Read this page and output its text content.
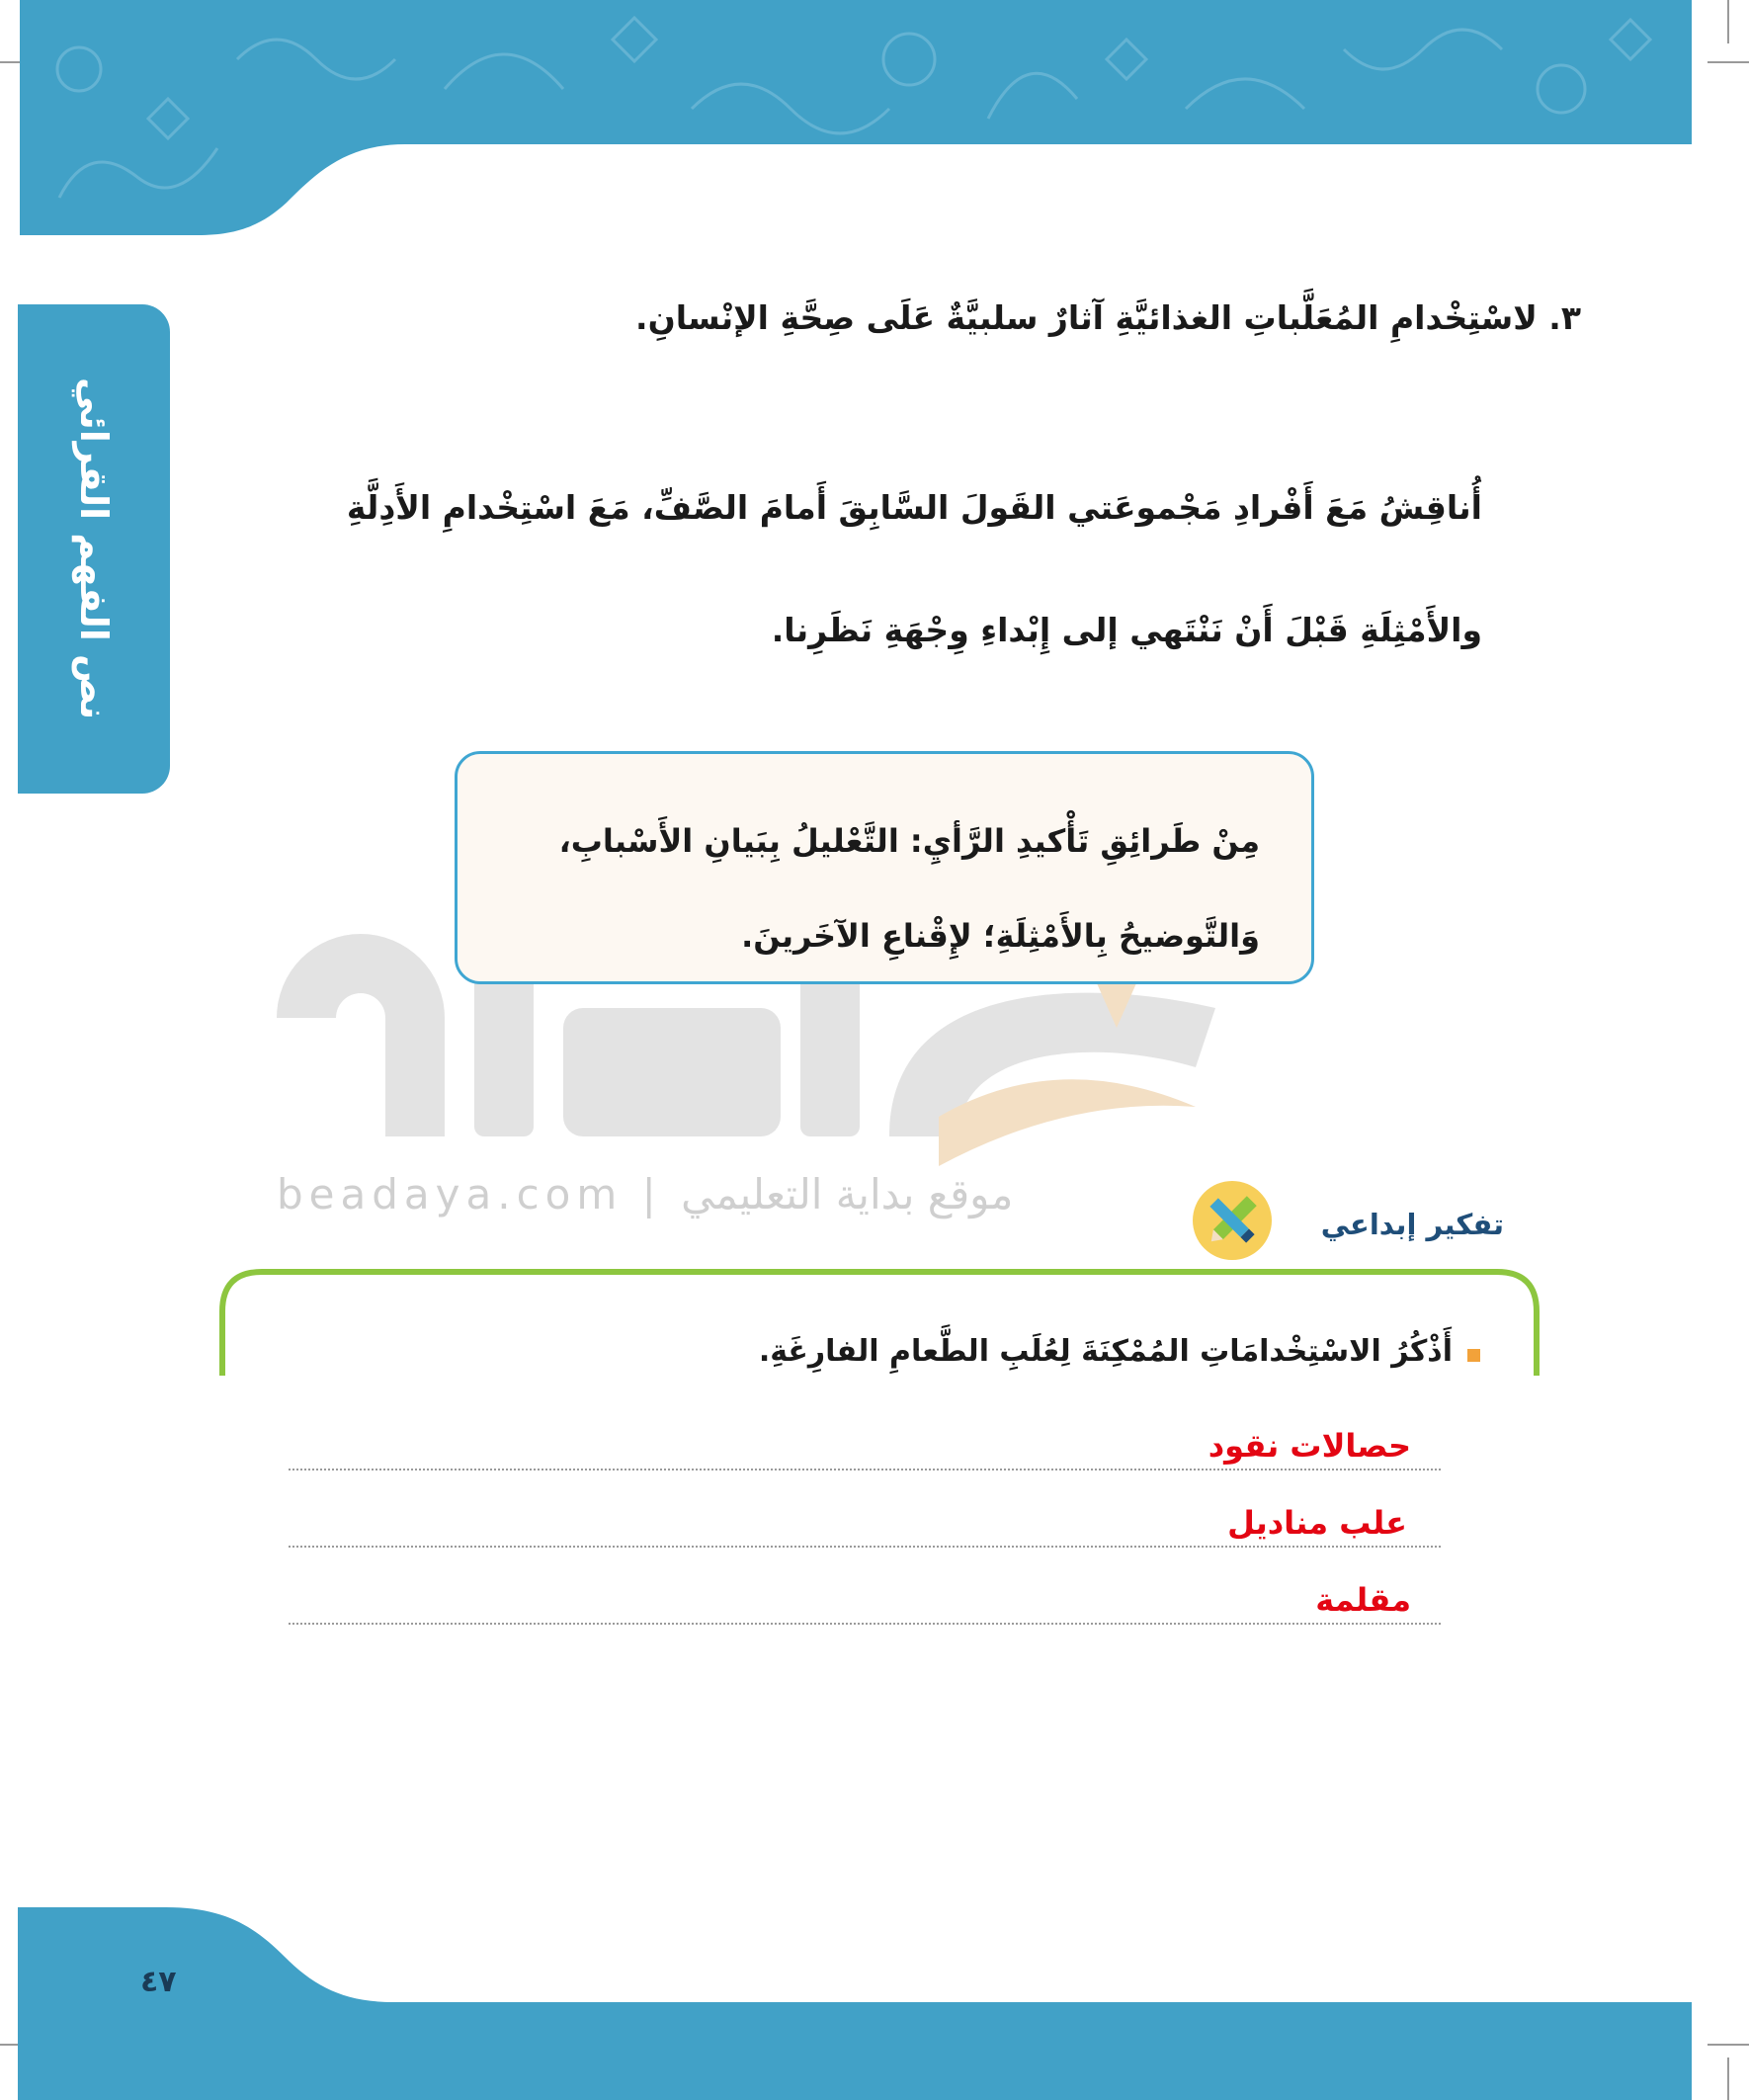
نص الفهم القرائي
٣. لاسْتِخْدامِ المُعَلَّباتِ الغذائيَّةِ آثارٌ سلبيَّةٌ عَلَى صِحَّةِ الإنْسانِ.
أُناقِشُ مَعَ أَفْرادِ مَجْموعَتي القَولَ السَّابِقَ أَمامَ الصَّفِّ، مَعَ اسْتِخْدامِ الأَدِلَّةِ والأَمْثِلَةِ قَبْلَ أَنْ نَنْتَهي إلى إِبْداءِ وِجْهَةِ نَظَرِنا.
مِنْ طَرائِقِ تَأْكيدِ الرَّأيِ: التَّعْليلُ بِبَيانِ الأَسْبابِ، وَالتَّوضيحُ بِالأَمْثِلَةِ؛ لإِقْناعِ الآخَرينَ.
beadaya.com | موقع بداية التعليمي
تفكير إبداعي
أَذْكُرُ الاسْتِخْدامَاتِ المُمْكِنَةَ لِعُلَبِ الطَّعامِ الفارِغَةِ.
حصالات نقود
علب مناديل
مقلمة
٤٧
